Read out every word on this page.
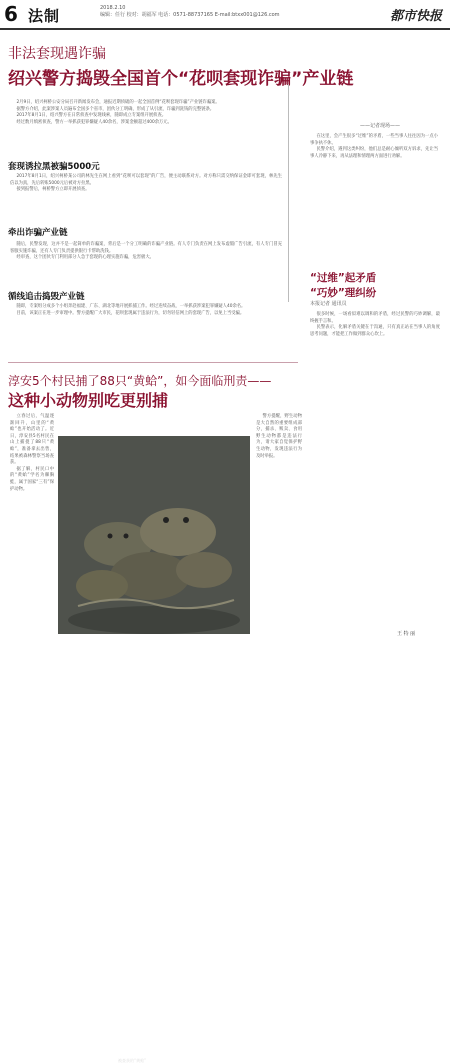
6 法制	2018.2.10
编辑：任行 校对：胡福军 电话：0571-88737165 E-mail:btxx001@126.com	都市快报
非法套现遇诈骗
绍兴警方捣毁全国首个“花呗套现诈骗”产业链

2月9日，绍兴柯桥公安分局召开新闻发布会，通报近期侦破的一起全国首例“花呗套现诈骗”产业链诈骗案。

据警方介绍，此案涉案人员遍布全国多个省市，团伙分工明确，形成了从引流、诈骗到洗钱的完整链条。

2017年8月1日，绍兴警方在日常侦查中发现线索，随即成立专案组开展侦查。

经过数月缜密侦查，警方一举抓获犯罪嫌疑人40余名，涉案金额超过400余万元。

套现诱拉黑被骗5000元

2017年8月1日，绍兴柯桥某公司的林先生在网上看到“花呗可以套现”的广告，便主动联系对方。对方称只需交纳保证金即可套现，林先生信以为真，先后转账5000元后被对方拉黑。

接到报警后，柯桥警方立即开展侦查。

牵出诈骗产业链

随后，民警发现，这并不是一起简单的诈骗案，背后是一个分工明确的诈骗产业链。有人专门负责在网上发布虚假广告引流，有人专门冒充客服实施诈骗，还有人专门负责提供银行卡帮助洗钱。

经审查，这个团伙专门利用部分人急于套现的心理实施诈骗，危害极大。

循线追击捣毁产业链

随即，专案组分成多个小组奔赴福建、广东、湖北等地开展抓捕工作。经过连续奋战，一举抓获涉案犯罪嫌疑人40余名。

目前，该案正在进一步审理中。警方提醒广大市民，花呗套现属于违法行为，切勿轻信网上的套现广告，以免上当受骗。

——记者现场——

在这里，会产生很多“过维”的矛盾，一些当事人往往因为一点小事争执不休。

民警介绍，遇到这类纠纷，他们总是耐心倾听双方诉求，先让当事人冷静下来，再从法理和情理两方面进行劝解。

“过维”起矛盾
“巧妙”理纠纷
本报记者 通讯员

很多时候，一场看似难以调和的矛盾，经过民警的巧妙调解，最终握手言和。

民警表示，化解矛盾关键在于沟通，只有真正站在当事人的角度思考问题，才能把工作做到群众心坎上。

淳安5个村民捕了88只“黄蛤”，如今面临刑责——
这种小动物别吃更别捕

立春过后，气温逐渐回升，山里的“黄蛤”也开始活动了。近日，淳安县5名村民在山上捕捉了88只“黄蛤”，准备拿去出售，结果被森林警察当场查获。

据了解，村民口中的“黄蛤”学名为棘胸蛙，属于国家“三有”保护动物。

警方提醒，野生动物是大自然的重要组成部分，捕杀、贩卖、食用野生动物都是违法行为，请大家自觉保护野生动物，发现违法行为及时举报。

被查获的“黄蛤”
王 特 丽
